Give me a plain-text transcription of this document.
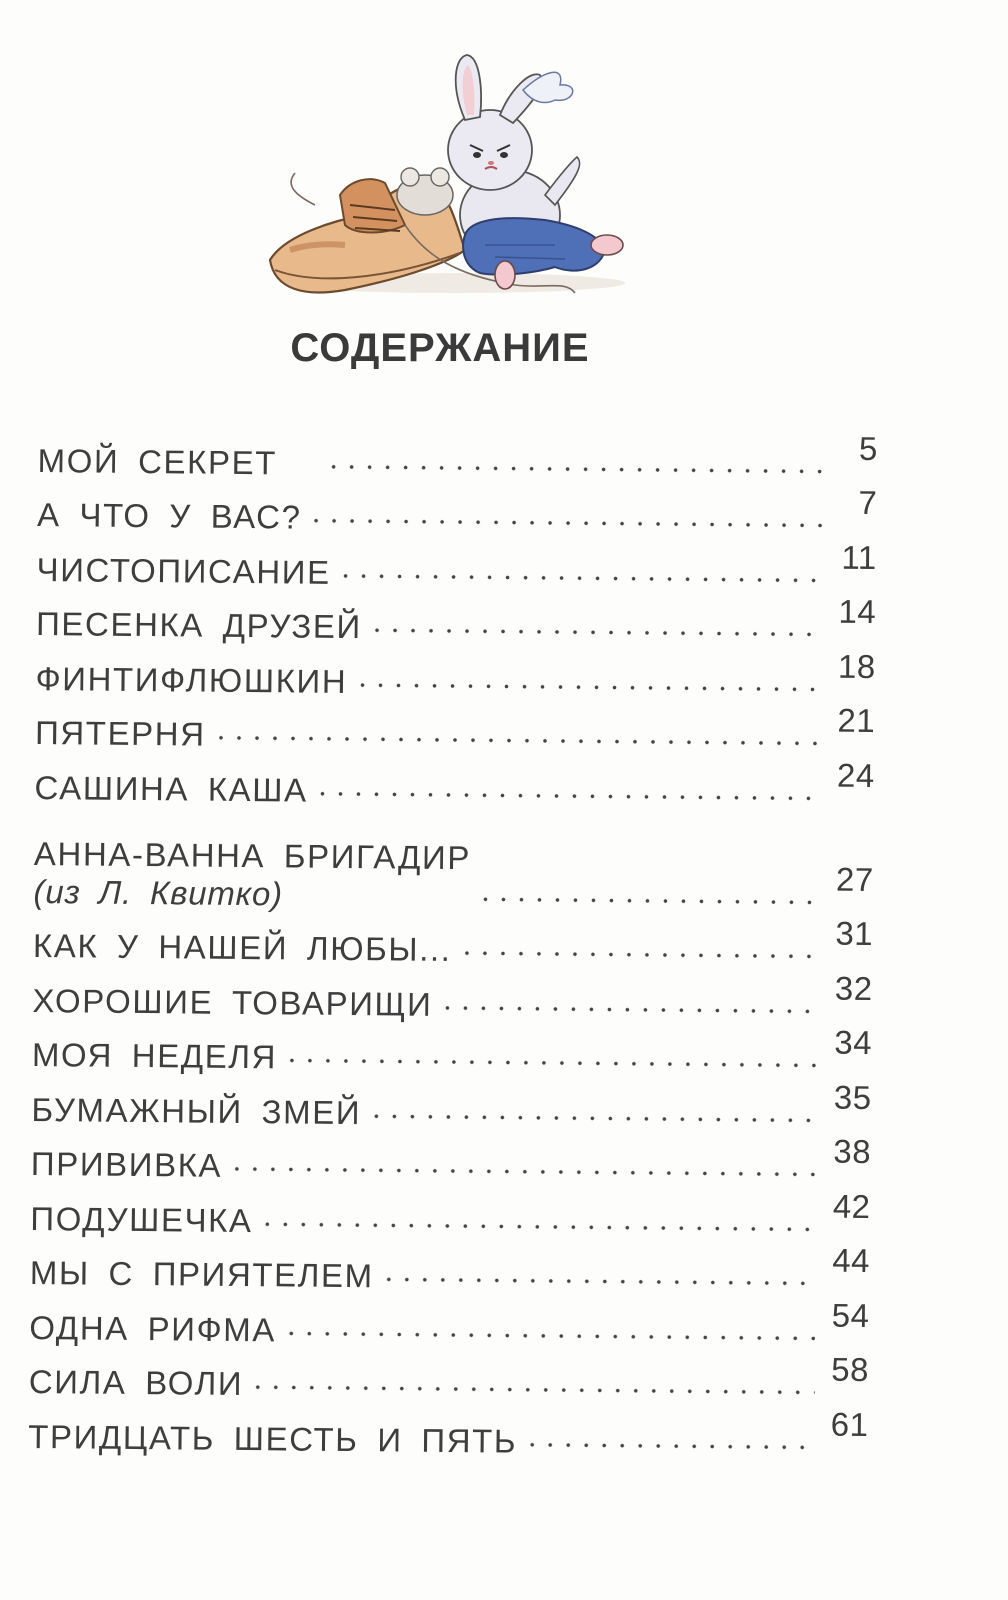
СОДЕРЖАНИЕ
МОЙ СЕКРЕТ	5
А ЧТО У ВАС?	7
ЧИСТОПИСАНИЕ	11
ПЕСЕНКА ДРУЗЕЙ	14
ФИНТИФЛЮШКИН	18
ПЯТЕРНЯ	21
САШИНА КАША	24
АННА-ВАННА БРИГАДИР
(из Л. Квитко)	27
КАК У НАШЕЙ ЛЮБЫ...	31
ХОРОШИЕ ТОВАРИЩИ	32
МОЯ НЕДЕЛЯ	34
БУМАЖНЫЙ ЗМЕЙ	35
ПРИВИВКА	38
ПОДУШЕЧКА	42
МЫ С ПРИЯТЕЛЕМ	44
ОДНА РИФМА	54
СИЛА ВОЛИ	58
ТРИДЦАТЬ ШЕСТЬ И ПЯТЬ	61
